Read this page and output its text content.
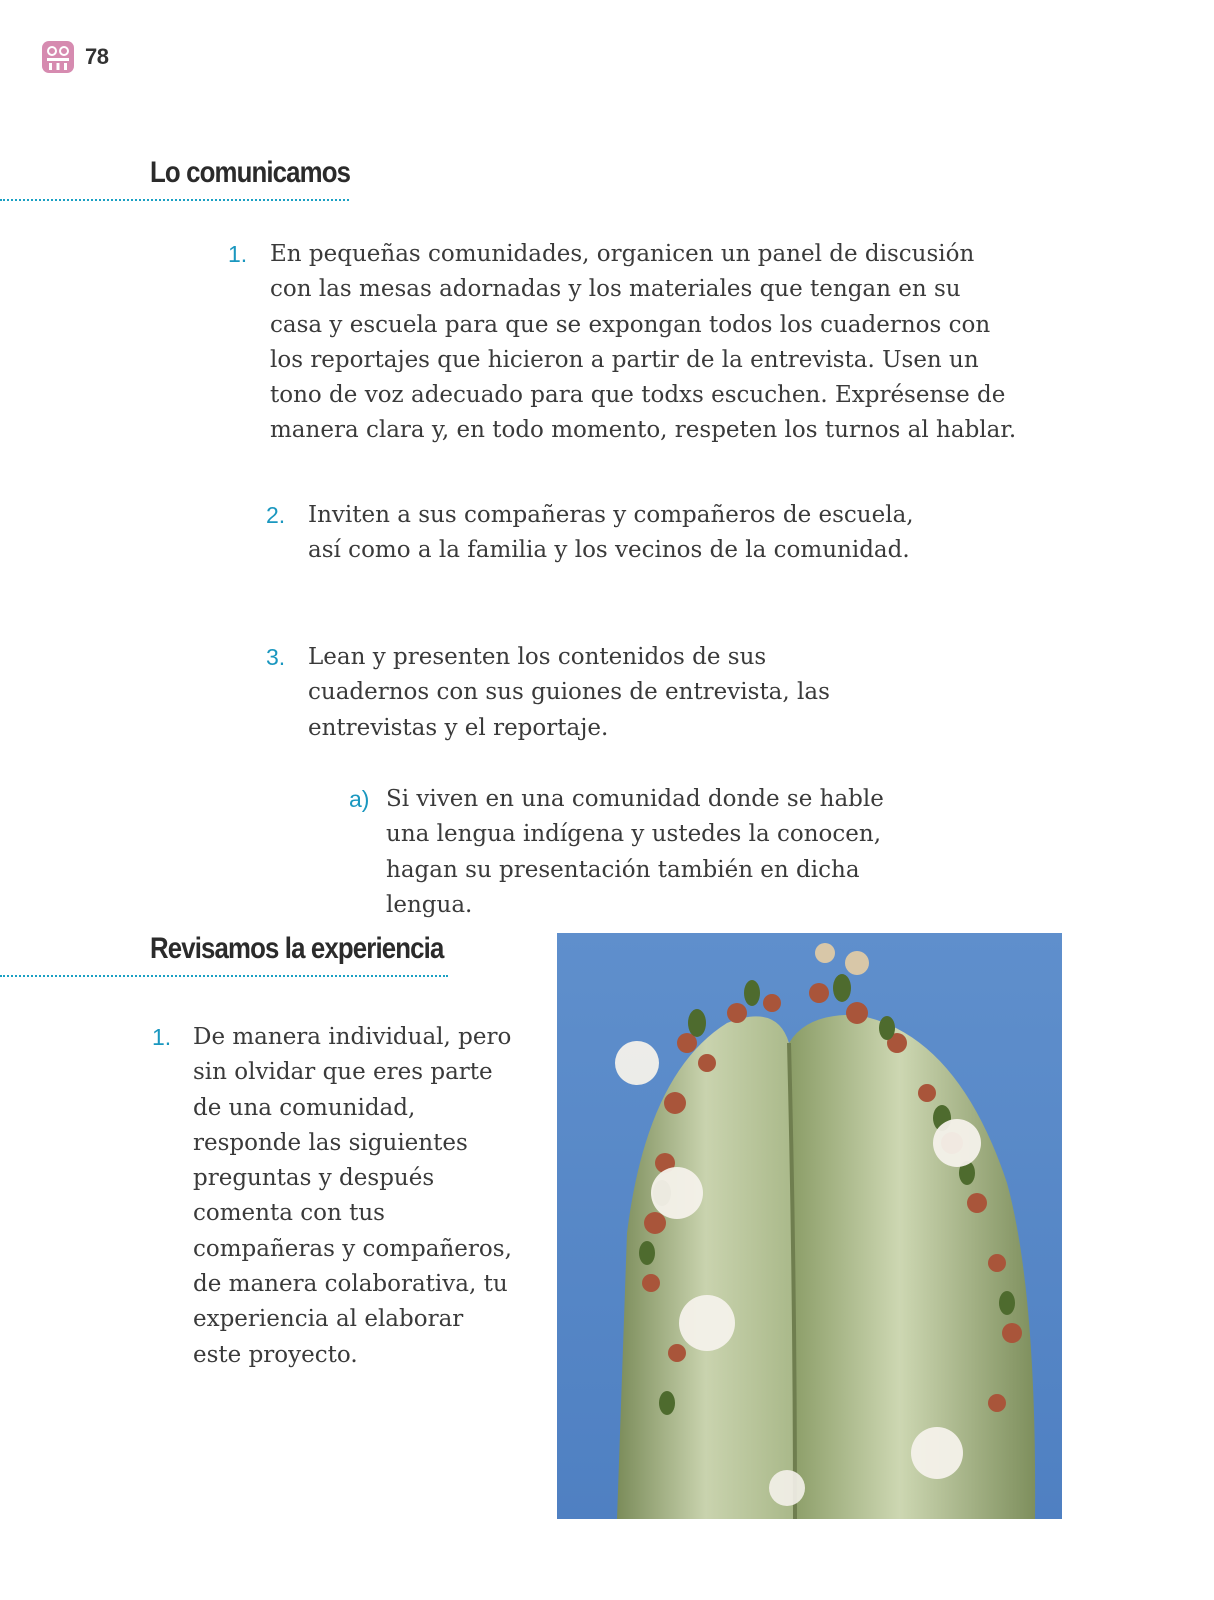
78
Lo comunicamos
1. En pequeñas comunidades, organicen un panel de discusión con las mesas adornadas y los materiales que tengan en su casa y escuela para que se expongan todos los cuadernos con los reportajes que hicieron a partir de la entrevista. Usen un tono de voz adecuado para que todxs escuchen. Exprésense de manera clara y, en todo momento, respeten los turnos al hablar.
2. Inviten a sus compañeras y compañeros de escuela, así como a la familia y los vecinos de la comunidad.
3. Lean y presenten los contenidos de sus cuadernos con sus guiones de entrevista, las entrevistas y el reportaje.
a) Si viven en una comunidad donde se hable una lengua indígena y ustedes la conocen, hagan su presentación también en dicha lengua.
Revisamos la experiencia
1. De manera individual, pero sin olvidar que eres parte de una comunidad, responde las siguientes preguntas y después comenta con tus compañeras y compañeros, de manera colaborativa, tu experiencia al elaborar este proyecto.
